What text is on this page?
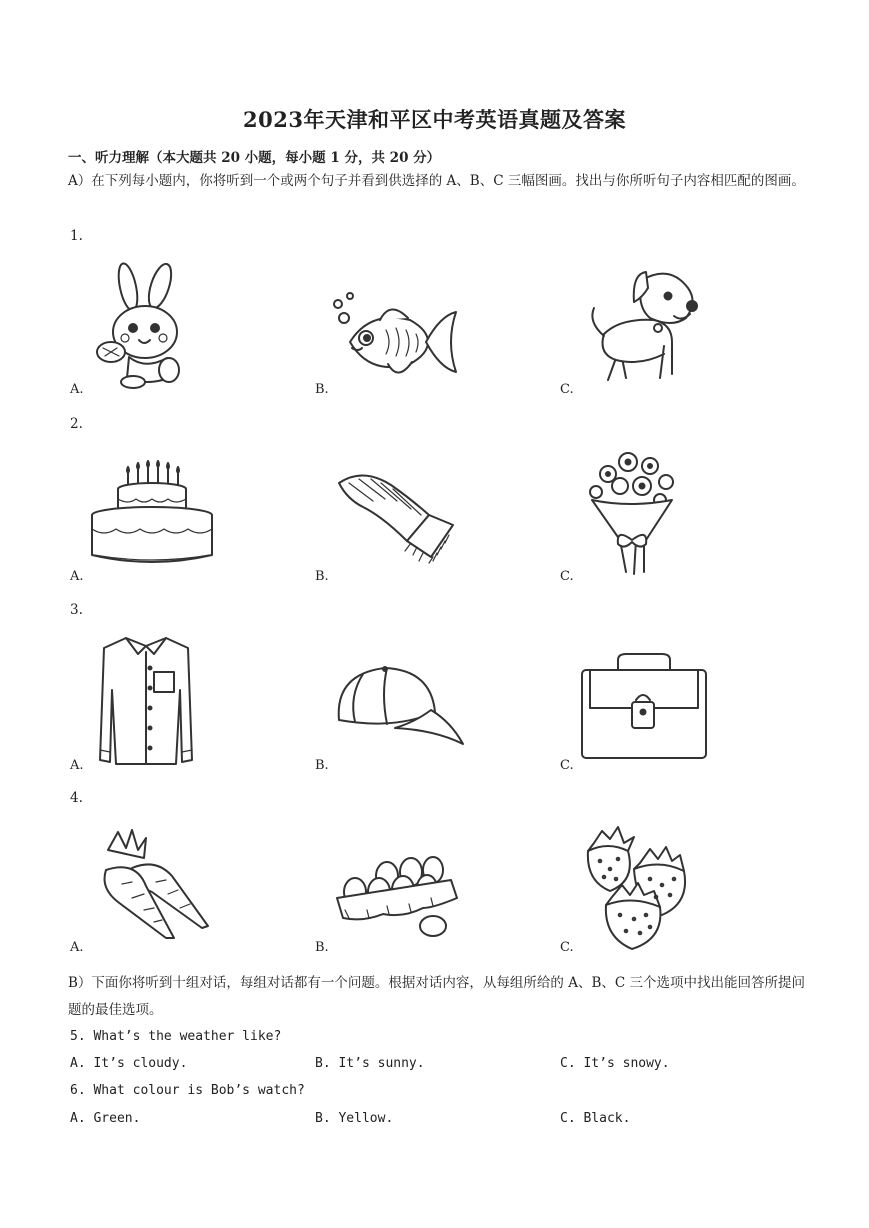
2023年天津和平区中考英语真题及答案
一、听力理解（本大题共 20 小题，每小题 1 分，共 20 分）
A）在下列每小题内，你将听到一个或两个句子并看到供选择的 A、B、C 三幅图画。找出与你所听句子内容相匹配的图画。
1.
A.	B.	C.
2.
A.	B.	C.
3.
A.	B.	C.
4.
A.	B.	C.
B）下面你将听到十组对话，每组对话都有一个问题。根据对话内容，从每组所给的 A、B、C 三个选项中找出能回答所提问题的最佳选项。
5. What’s the weather like?
A. It’s cloudy.	B. It’s sunny.	C. It’s snowy.
6. What colour is Bob’s watch?
A. Green.	B. Yellow.	C. Black.
